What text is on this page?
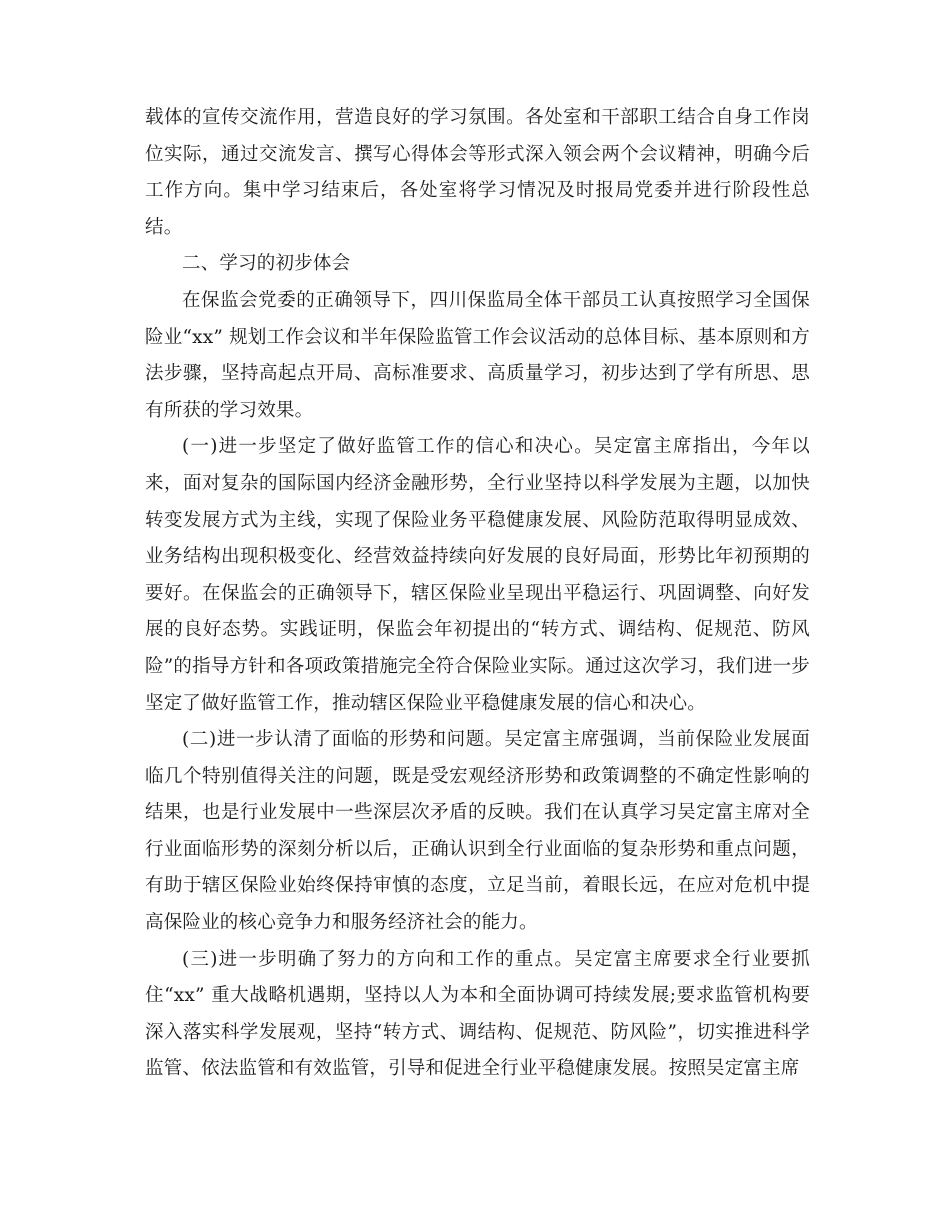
载体的宣传交流作用，营造良好的学习氛围。各处室和干部职工结合自身工作岗位实际，通过交流发言、撰写心得体会等形式深入领会两个会议精神，明确今后工作方向。集中学习结束后，各处室将学习情况及时报局党委并进行阶段性总结。

二、学习的初步体会

在保监会党委的正确领导下，四川保监局全体干部员工认真按照学习全国保险业“xx” 规划工作会议和半年保险监管工作会议活动的总体目标、基本原则和方法步骤，坚持高起点开局、高标准要求、高质量学习，初步达到了学有所思、思有所获的学习效果。

(一)进一步坚定了做好监管工作的信心和决心。吴定富主席指出，今年以来，面对复杂的国际国内经济金融形势，全行业坚持以科学发展为主题，以加快转变发展方式为主线，实现了保险业务平稳健康发展、风险防范取得明显成效、业务结构出现积极变化、经营效益持续向好发展的良好局面，形势比年初预期的要好。在保监会的正确领导下，辖区保险业呈现出平稳运行、巩固调整、向好发展的良好态势。实践证明，保监会年初提出的“转方式、调结构、促规范、防风险”的指导方针和各项政策措施完全符合保险业实际。通过这次学习，我们进一步坚定了做好监管工作，推动辖区保险业平稳健康发展的信心和决心。

(二)进一步认清了面临的形势和问题。吴定富主席强调，当前保险业发展面临几个特别值得关注的问题，既是受宏观经济形势和政策调整的不确定性影响的结果，也是行业发展中一些深层次矛盾的反映。我们在认真学习吴定富主席对全行业面临形势的深刻分析以后，正确认识到全行业面临的复杂形势和重点问题，有助于辖区保险业始终保持审慎的态度，立足当前，着眼长远，在应对危机中提高保险业的核心竞争力和服务经济社会的能力。

(三)进一步明确了努力的方向和工作的重点。吴定富主席要求全行业要抓住“xx” 重大战略机遇期，坚持以人为本和全面协调可持续发展;要求监管机构要深入落实科学发展观，坚持“转方式、调结构、促规范、防风险”，切实推进科学监管、依法监管和有效监管，引导和促进全行业平稳健康发展。按照吴定富主席
